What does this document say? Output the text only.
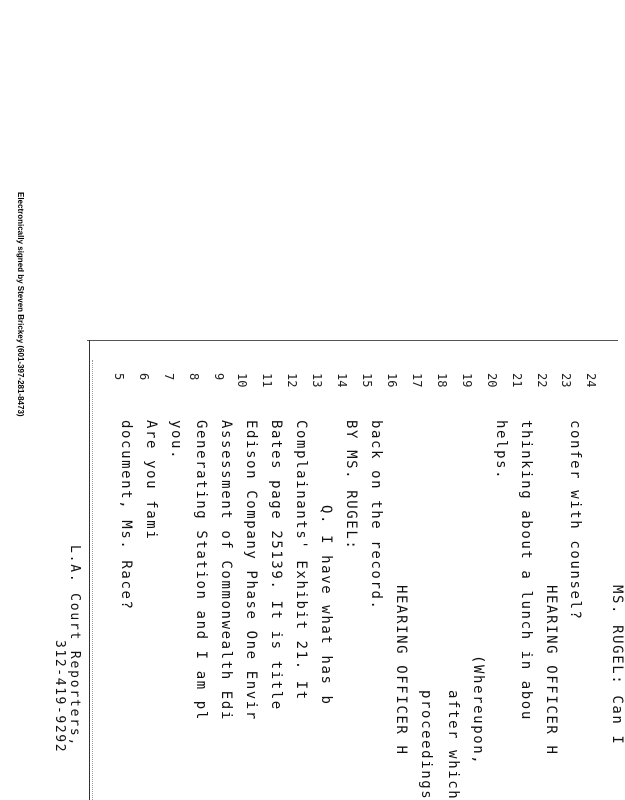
Electronically signed by Steven Brickey (601-397-281-8473)	5
MS. RUGEL: Can I
6
confer with counsel?
7
HEARING OFFICER H
8
thinking about a lunch in abou
9
helps.
10
(Whereupon,
11
after which
12
proceedings
13
HEARING OFFICER H
14
back on the record.
15
BY MS. RUGEL:
16
Q. I have what has b
17
Complainants' Exhibit 21. It
18
Bates page 25139. It is title
19
Edison Company Phase One Envir
20
Assessment of Commonwealth Edi
21
Generating Station and I am pl
22
you.
23
Are you fami
24
document, Ms. Race?
L.A. Court Reporters,
312-419-9292
